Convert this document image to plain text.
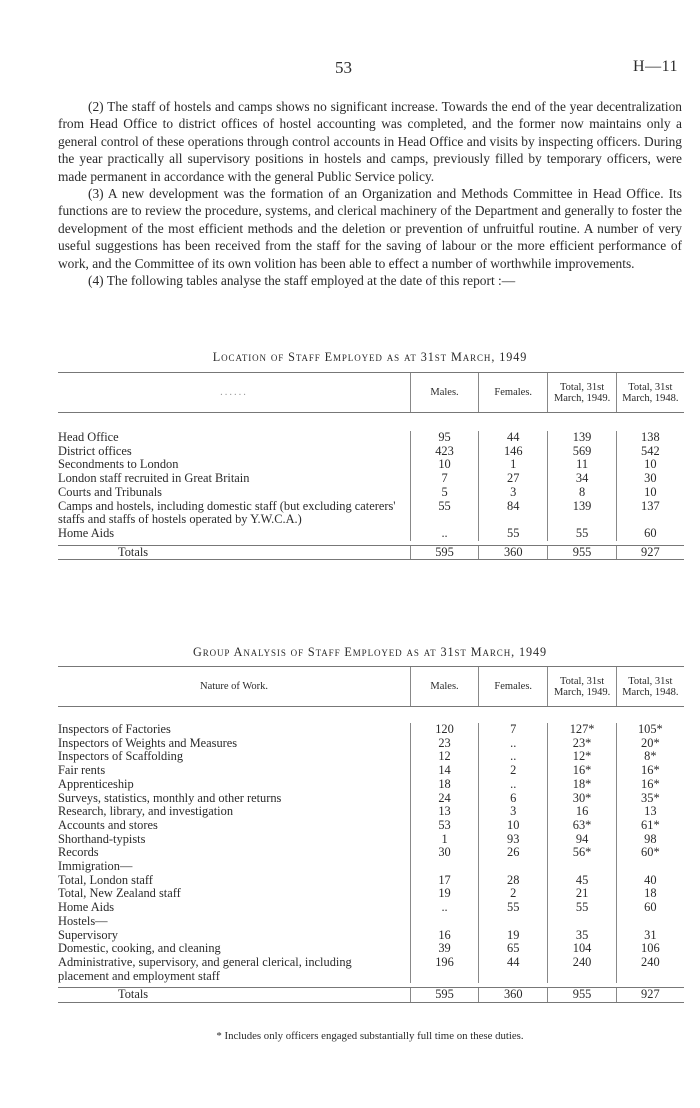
53	H—11

(2) The staff of hostels and camps shows no significant increase. Towards the end of the year decentralization from Head Office to district offices of hostel accounting was completed, and the former now maintains only a general control of these operations through control accounts in Head Office and visits by inspecting officers. During the year practically all supervisory positions in hostels and camps, previously filled by temporary officers, were made permanent in accordance with the general Public Service policy.

(3) A new development was the formation of an Organization and Methods Committee in Head Office. Its functions are to review the procedure, systems, and clerical machinery of the Department and generally to foster the development of the most efficient methods and the deletion or prevention of unfruitful routine. A number of very useful suggestions has been received from the staff for the saving of labour or the more efficient performance of work, and the Committee of its own volition has been able to effect a number of worthwhile improvements.

(4) The following tables analyse the staff employed at the date of this report :—

Location of Staff Employed as at 31st March, 1949
......	Males.	Females.	Total, 31st March, 1949.	Total, 31st March, 1948.

Head Office	95	44	139	138
District offices	423	146	569	542
Secondments to London	10	1	11	10
London staff recruited in Great Britain	7	27	34	30
Courts and Tribunals	5	3	8	10
Camps and hostels, including domestic staff (but excluding caterers' staffs and staffs of hostels operated by Y.W.C.A.)	55	84	139	137
Home Aids	..	55	55	60

Totals	595	360	955	927
Group Analysis of Staff Employed as at 31st March, 1949
Nature of Work.	Males.	Females.	Total, 31st March, 1949.	Total, 31st March, 1948.

Inspectors of Factories	120	7	127*	105*
Inspectors of Weights and Measures	23	..	23*	20*
Inspectors of Scaffolding	12	..	12*	8*
Fair rents	14	2	16*	16*
Apprenticeship	18	..	18*	16*
Surveys, statistics, monthly and other returns	24	6	30*	35*
Research, library, and investigation	13	3	16	13
Accounts and stores	53	10	63*	61*
Shorthand-typists	1	93	94	98
Records	30	26	56*	60*
Immigration—				
Total, London staff	17	28	45	40
Total, New Zealand staff	19	2	21	18
Home Aids	..	55	55	60
Hostels—				
Supervisory	16	19	35	31
Domestic, cooking, and cleaning	39	65	104	106
Administrative, supervisory, and general clerical, including placement and employment staff	196	44	240	240

Totals	595	360	955	927
* Includes only officers engaged substantially full time on these duties.
